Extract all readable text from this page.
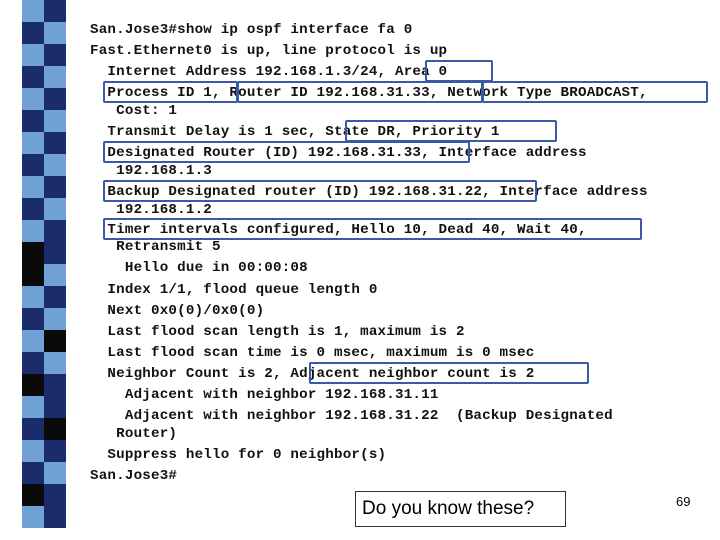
San.Jose3#show ip ospf interface fa 0
Fast.Ethernet0 is up, line protocol is up
Internet Address 192.168.1.3/24, Area 0
Process ID 1, Router ID 192.168.31.33, Network Type BROADCAST,
Cost: 1
Transmit Delay is 1 sec, State DR, Priority 1
Designated Router (ID) 192.168.31.33, Interface address
192.168.1.3
Backup Designated router (ID) 192.168.31.22, Interface address
192.168.1.2
Timer intervals configured, Hello 10, Dead 40, Wait 40,
Retransmit 5
Hello due in 00:00:08
Index 1/1, flood queue length 0
Next 0x0(0)/0x0(0)
Last flood scan length is 1, maximum is 2
Last flood scan time is 0 msec, maximum is 0 msec
Neighbor Count is 2, Adjacent neighbor count is 2
Adjacent with neighbor 192.168.31.11
Adjacent with neighbor 192.168.31.22  (Backup Designated
Router)
Suppress hello for 0 neighbor(s)
San.Jose3#
Do you know these?	69
